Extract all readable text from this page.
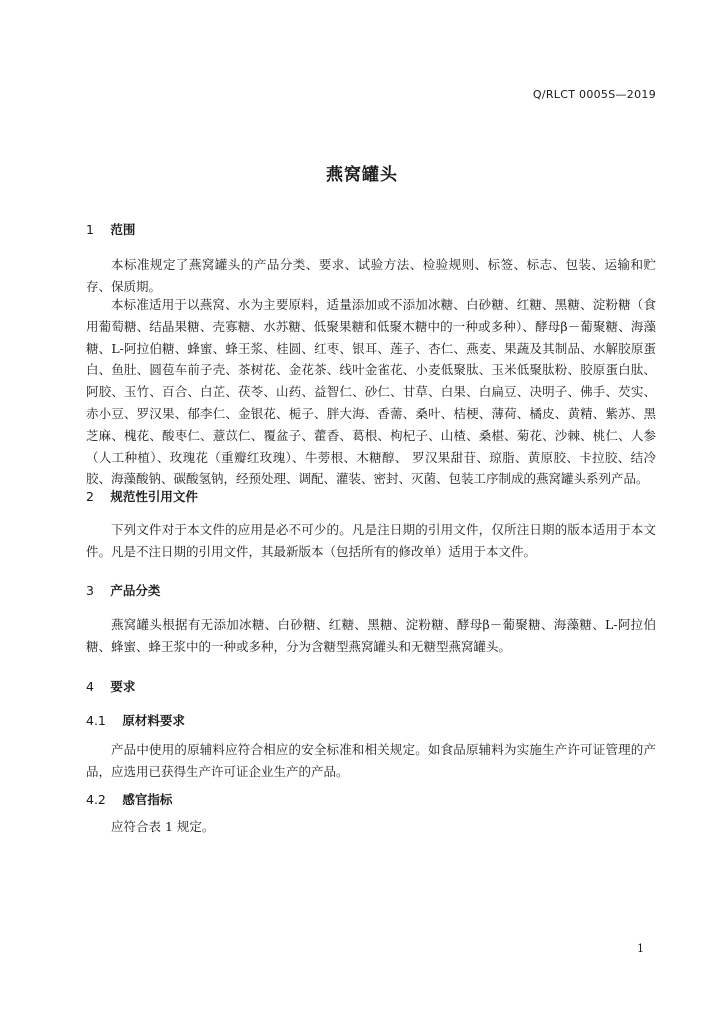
Q/RLCT 0005S—2019
燕窝罐头
1 范围

本标准规定了燕窝罐头的产品分类、要求、试验方法、检验规则、标签、标志、包装、运输和贮存、保质期。

本标准适用于以燕窝、水为主要原料，适量添加或不添加冰糖、白砂糖、红糖、黑糖、淀粉糖（食用葡萄糖、结晶果糖、壳寡糖、水苏糖、低聚果糖和低聚木糖中的一种或多种）、酵母β－葡聚糖、海藻糖、L-阿拉伯糖、蜂蜜、蜂王浆、桂圆、红枣、银耳、莲子、杏仁、燕麦、果蔬及其制品、水解胶原蛋白、鱼肚、圆苞车前子壳、茶树花、金花茶、线叶金雀花、小麦低聚肽、玉米低聚肽粉、胶原蛋白肽、阿胶、玉竹、百合、白芷、茯苓、山药、益智仁、砂仁、甘草、白果、白扁豆、决明子、佛手、芡实、赤小豆、罗汉果、郁李仁、金银花、栀子、胖大海、香薷、桑叶、桔梗、薄荷、橘皮、黄精、紫苏、黑芝麻、槐花、酸枣仁、薏苡仁、覆盆子、藿香、葛根、枸杞子、山楂、桑椹、菊花、沙棘、桃仁、人参（人工种植）、玫瑰花（重瓣红玫瑰）、牛蒡根、木糖醇、 罗汉果甜苷、琼脂、黄原胶、卡拉胶、结冷胶、海藻酸钠、碳酸氢钠，经预处理、调配、灌装、密封、灭菌、包装工序制成的燕窝罐头系列产品。

2 规范性引用文件

下列文件对于本文件的应用是必不可少的。凡是注日期的引用文件，仅所注日期的版本适用于本文件。凡是不注日期的引用文件，其最新版本（包括所有的修改单）适用于本文件。

3 产品分类

燕窝罐头根据有无添加冰糖、白砂糖、红糖、黑糖、淀粉糖、酵母β－葡聚糖、海藻糖、L-阿拉伯糖、蜂蜜、蜂王浆中的一种或多种，分为含糖型燕窝罐头和无糖型燕窝罐头。

4 要求
4.1 原材料要求

产品中使用的原辅料应符合相应的安全标准和相关规定。如食品原辅料为实施生产许可证管理的产品，应选用已获得生产许可证企业生产的产品。

4.2 感官指标

应符合表 1 规定。

1
